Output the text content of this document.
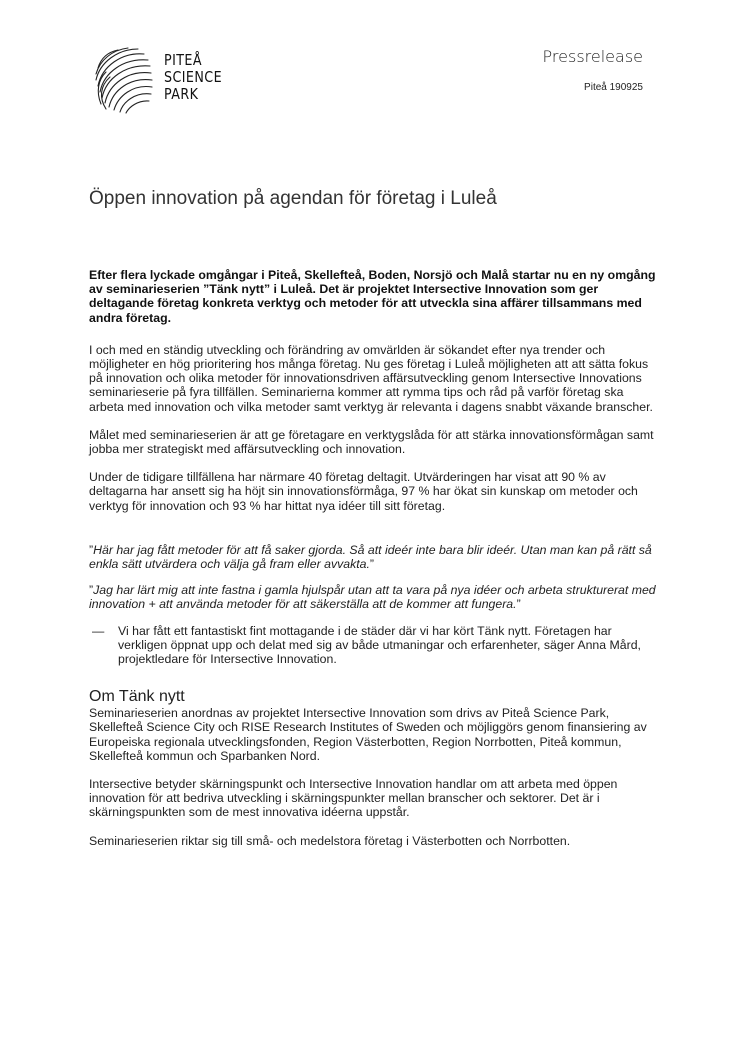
PITEÅ
SCIENCE
PARK
Pressrelease
Piteå 190925
Öppen innovation på agendan för företag i Luleå

Efter flera lyckade omgångar i Piteå, Skellefteå, Boden, Norsjö och Malå startar nu en ny omgång av seminarieserien ”Tänk nytt” i Luleå. Det är projektet Intersective Innovation som ger deltagande företag konkreta verktyg och metoder för att utveckla sina affärer tillsammans med andra företag.

I och med en ständig utveckling och förändring av omvärlden är sökandet efter nya trender och möjligheter en hög prioritering hos många företag. Nu ges företag i Luleå möjligheten att att sätta fokus på innovation och olika metoder för innovationsdriven affärsutveckling genom Intersective Innovations seminarieserie på fyra tillfällen. Seminarierna kommer att rymma tips och råd på varför företag ska arbeta med innovation och vilka metoder samt verktyg är relevanta i dagens snabbt växande branscher.

Målet med seminarieserien är att ge företagare en verktygslåda för att stärka innovationsförmågan samt jobba mer strategiskt med affärsutveckling och innovation.

Under de tidigare tillfällena har närmare 40 företag deltagit. Utvärderingen har visat att 90 % av deltagarna har ansett sig ha höjt sin innovationsförmåga, 97 % har ökat sin kunskap om metoder och verktyg för innovation och 93 % har hittat nya idéer till sitt företag.

”Här har jag fått metoder för att få saker gjorda. Så att ideér inte bara blir ideér. Utan man kan på rätt så enkla sätt utvärdera och välja gå fram eller avvakta.”

”Jag har lärt mig att inte fastna i gamla hjulspår utan att ta vara på nya idéer och arbeta strukturerat med innovation + att använda metoder för att säkerställa att de kommer att fungera.”

—	Vi har fått ett fantastiskt fint mottagande i de städer där vi har kört Tänk nytt. Företagen har verkligen öppnat upp och delat med sig av både utmaningar och erfarenheter, säger Anna Mård, projektledare för Intersective Innovation.
Om Tänk nytt

Seminarieserien anordnas av projektet Intersective Innovation som drivs av Piteå Science Park, Skellefteå Science City och RISE Research Institutes of Sweden och möjliggörs genom finansiering av Europeiska regionala utvecklingsfonden, Region Västerbotten, Region Norrbotten, Piteå kommun, Skellefteå kommun och Sparbanken Nord.

Intersective betyder skärningspunkt och Intersective Innovation handlar om att arbeta med öppen innovation för att bedriva utveckling i skärningspunkter mellan branscher och sektorer. Det är i skärningspunkten som de mest innovativa idéerna uppstår.

Seminarieserien riktar sig till små- och medelstora företag i Västerbotten och Norrbotten.
